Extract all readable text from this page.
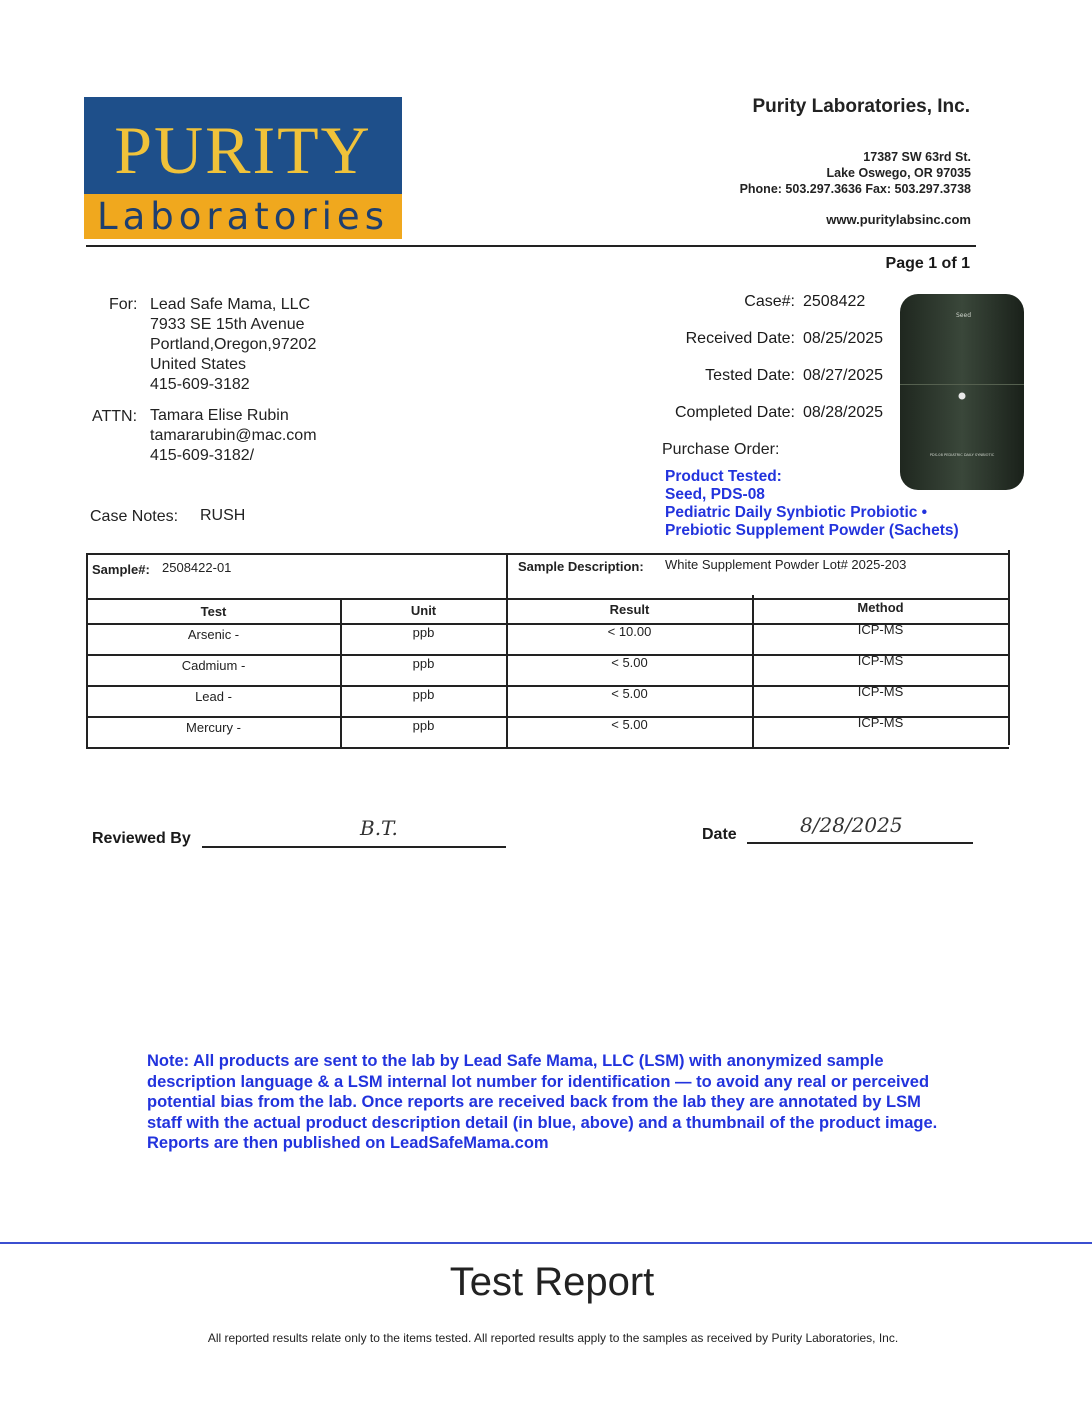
PURITY
Laboratories
Purity Laboratories, Inc.
17387 SW 63rd St.
Lake Oswego, OR 97035
Phone: 503.297.3636 Fax: 503.297.3738
www.puritylabsinc.com
Page 1 of 1
For: Lead Safe Mama, LLC
7933 SE 15th Avenue
Portland,Oregon,97202
United States
415-609-3182
ATTN: Tamara Elise Rubin
tamararubin@mac.com
415-609-3182/
Case Notes: RUSH
Case#: 2508422
Received Date: 08/25/2025
Tested Date: 08/27/2025
Completed Date: 08/28/2025
Purchase Order:
Product Tested:
Seed, PDS-08
Pediatric Daily Synbiotic Probiotic •
Prebiotic Supplement Powder (Sachets)
Seed
PDS-08 PEDIATRIC DAILY SYNBIOTIC
Sample#: 2508422-01	Sample Description: White Supplement Powder Lot# 2025-203
Test	Unit	Result	Method
Arsenic -	ppb	< 10.00	ICP-MS
Cadmium -	ppb	< 5.00	ICP-MS
Lead -	ppb	< 5.00	ICP-MS
Mercury -	ppb	< 5.00	ICP-MS
Reviewed By	B.T.	Date	8/28/2025
Note: All products are sent to the lab by Lead Safe Mama, LLC (LSM) with anonymized sample description language & a LSM internal lot number for identification — to avoid any real or perceived potential bias from the lab. Once reports are received back from the lab they are annotated by LSM staff with the actual product description detail (in blue, above) and a thumbnail of the product image. Reports are then published on LeadSafeMama.com
Test Report
All reported results relate only to the items tested. All reported results apply to the samples as received by Purity Laboratories, Inc.
